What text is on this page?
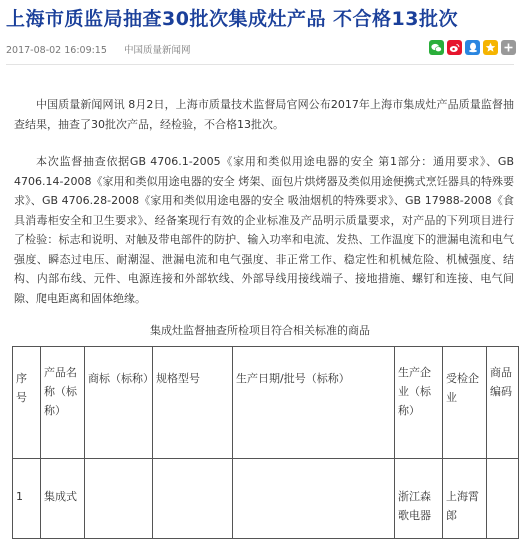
上海市质监局抽查30批次集成灶产品 不合格13批次
2017-08-02 16:09:15 中国质量新闻网

中国质量新闻网讯 8月2日，上海市质量技术监督局官网公布2017年上海市集成灶产品质量监督抽查结果，抽查了30批次产品，经检验，不合格13批次。

本次监督抽查依据GB 4706.1-2005《家用和类似用途电器的安全 第1部分：通用要求》、GB 4706.14-2008《家用和类似用途电器的安全 烤架、面包片烘烤器及类似用途便携式烹饪器具的特殊要求》、GB 4706.28-2008《家用和类似用途电器的安全 吸油烟机的特殊要求》、GB 17988-2008《食具消毒柜安全和卫生要求》、经备案现行有效的企业标准及产品明示质量要求，对产品的下列项目进行了检验：标志和说明、对触及带电部件的防护、输入功率和电流、发热、工作温度下的泄漏电流和电气强度、瞬态过电压、耐潮湿、泄漏电流和电气强度、非正常工作、稳定性和机械危险、机械强度、结构、内部布线、元件、电源连接和外部软线、外部导线用接线端子、接地措施、螺钉和连接、电气间隙、爬电距离和固体绝缘。

集成灶监督抽查所检项目符合相关标准的商品
序号	产品名称（标称）	商标（标称）	规格型号	生产日期/批号（标称）	生产企业（标称）	受检企业	商品编码
1	集成式				浙江森歌电器	上海霄郎	
